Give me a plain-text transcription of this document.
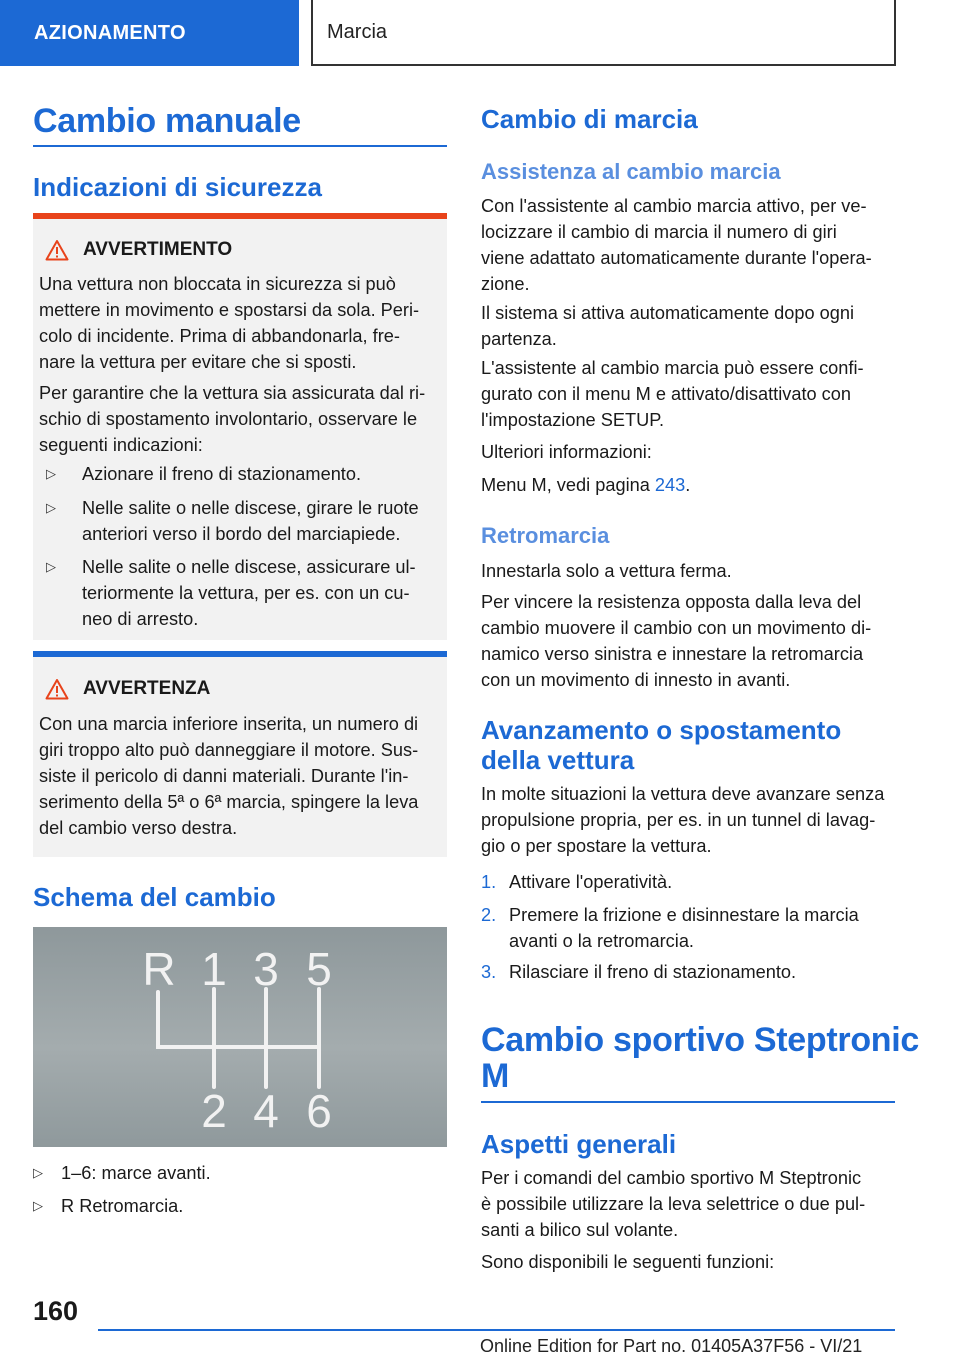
AZIONAMENTO	Marcia
Cambio manuale
Indicazioni di sicurezza
AVVERTIMENTO
Una vettura non bloccata in sicurezza si può
mettere in movimento e spostarsi da sola. Peri-
colo di incidente. Prima di abbandonarla, fre-
nare la vettura per evitare che si sposti.
Per garantire che la vettura sia assicurata dal ri-
schio di spostamento involontario, osservare le
seguenti indicazioni:
▷ Azionare il freno di stazionamento.
▷ Nelle salite o nelle discese, girare le ruote
anteriori verso il bordo del marciapiede.
▷ Nelle salite o nelle discese, assicurare ul-
teriormente la vettura, per es. con un cu-
neo di arresto.
AVVERTENZA
Con una marcia inferiore inserita, un numero di
giri troppo alto può danneggiare il motore. Sus-
siste il pericolo di danni materiali. Durante l'in-
serimento della 5ª o 6ª marcia, spingere la leva
del cambio verso destra.
Schema del cambio
R 1 3 5
2 4 6
▷ 1–6: marce avanti.
▷ R Retromarcia.
Cambio di marcia
Assistenza al cambio marcia
Con l'assistente al cambio marcia attivo, per ve-
locizzare il cambio di marcia il numero di giri
viene adattato automaticamente durante l'opera-
zione.
Il sistema si attiva automaticamente dopo ogni
partenza.
L'assistente al cambio marcia può essere confi-
gurato con il menu M e attivato/disattivato con
l'impostazione SETUP.
Ulteriori informazioni:
Menu M, vedi pagina 243.
Retromarcia
Innestarla solo a vettura ferma.
Per vincere la resistenza opposta dalla leva del
cambio muovere il cambio con un movimento di-
namico verso sinistra e innestare la retromarcia
con un movimento di innesto in avanti.
Avanzamento o spostamento
della vettura
In molte situazioni la vettura deve avanzare senza
propulsione propria, per es. in un tunnel di lavag-
gio o per spostare la vettura.
1. Attivare l'operatività.
2. Premere la frizione e disinnestare la marcia
avanti o la retromarcia.
3. Rilasciare il freno di stazionamento.
Cambio sportivo Steptronic
M
Aspetti generali
Per i comandi del cambio sportivo M Steptronic
è possibile utilizzare la leva selettrice o due pul-
santi a bilico sul volante.
Sono disponibili le seguenti funzioni:
160
Online Edition for Part no. 01405A37F56 - VI/21
